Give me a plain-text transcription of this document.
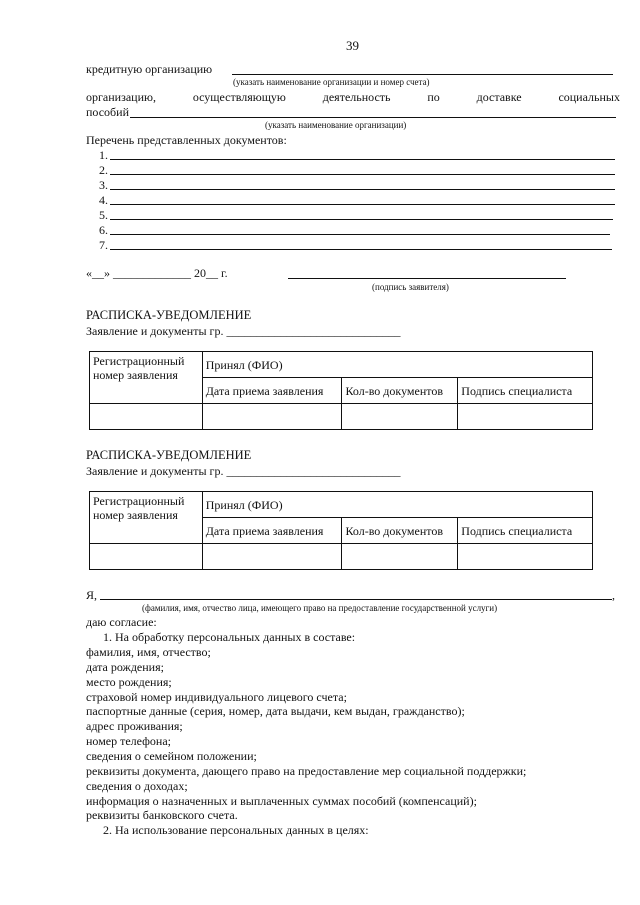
39
кредитную организацию
(указать наименование организации и номер счета)
организацию,	осуществляющую	деятельность	по	доставке	социальных
пособий
(указать наименование организации)
Перечень представленных документов:
1.
2.
3.
4.
5.
6.
7.
«__» _____________ 20__ г.
(подпись заявителя)
РАСПИСКА-УВЕДОМЛЕНИЕ
Заявление и документы гр. _____________________________
Регистрационный номер заявления	Принял (ФИО)		
	Дата приема заявления	Кол-во документов	Подпись специалиста

РАСПИСКА-УВЕДОМЛЕНИЕ
Заявление и документы гр. _____________________________
Регистрационный номер заявления	Принял (ФИО)		
	Дата приема заявления	Кол-во документов	Подпись специалиста

Я,	,
(фамилия, имя, отчество лица, имеющего право на предоставление государственной услуги)
даю согласие:
1. На обработку персональных данных в составе:
фамилия, имя, отчество;
дата рождения;
место рождения;
страховой номер индивидуального лицевого счета;
паспортные данные (серия, номер, дата выдачи, кем выдан, гражданство);
адрес проживания;
номер телефона;
сведения о семейном положении;
реквизиты документа, дающего право на предоставление мер социальной поддержки;
сведения о доходах;
информация о назначенных и выплаченных суммах пособий (компенсаций);
реквизиты банковского счета.
2. На использование персональных данных в целях:
